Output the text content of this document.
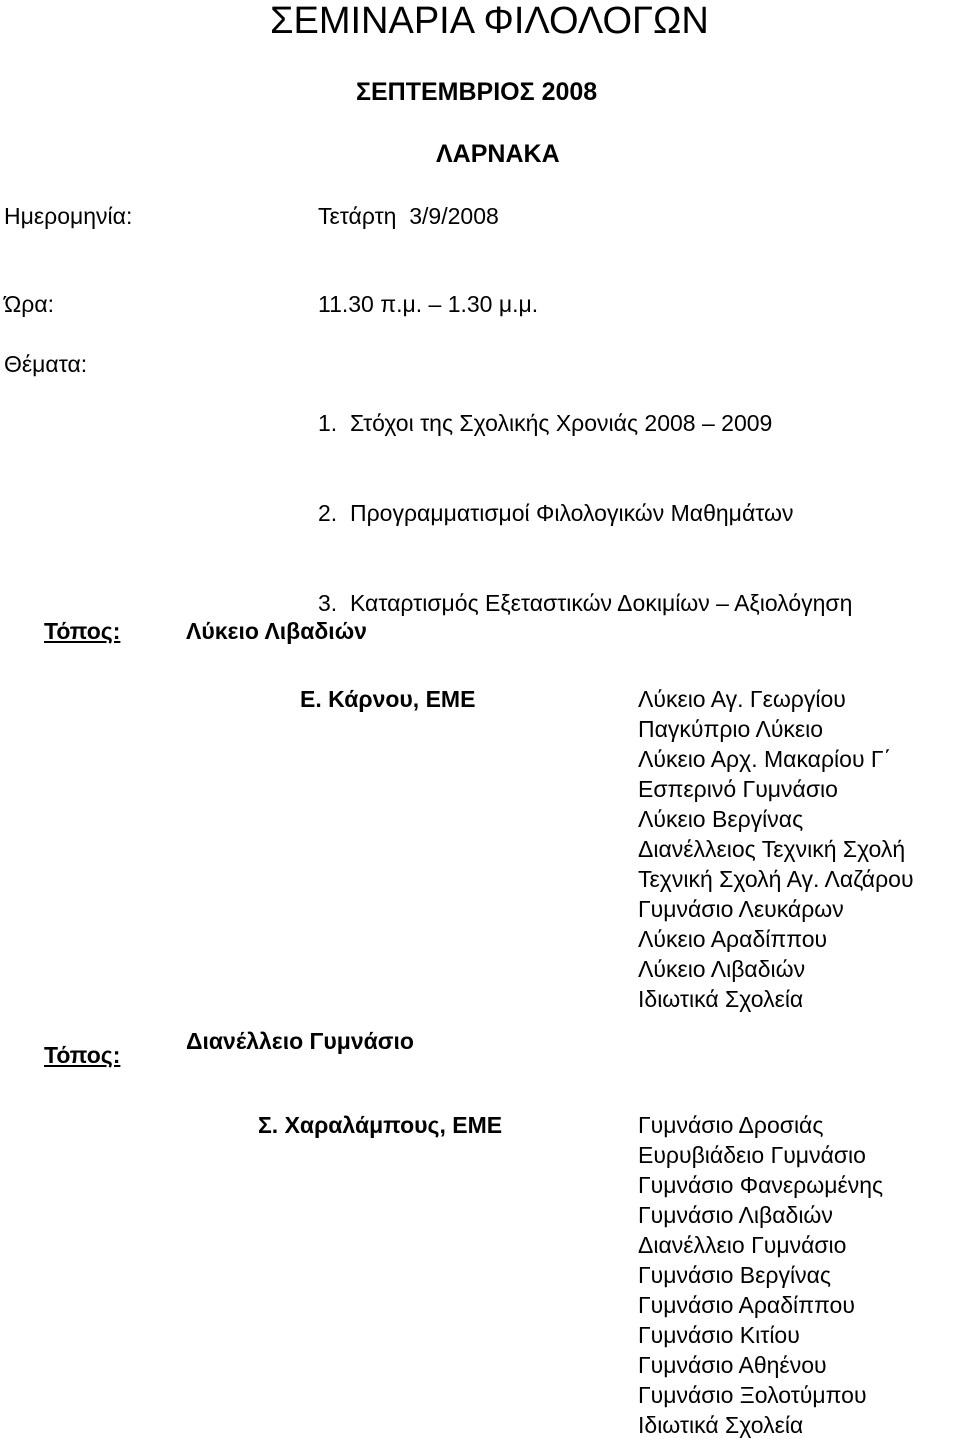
ΣΕΜΙΝΑΡΙΑ ΦΙΛΟΛΟΓΩΝ
ΣΕΠΤΕΜΒΡΙΟΣ 2008
ΛΑΡΝΑΚΑ
Ημερομηνία:	Τετάρτη  3/9/2008
Ώρα:	11.30 π.μ. – 1.30 μ.μ.
Θέματα:

1.  Στόχοι της Σχολικής Χρονιάς 2008 – 2009

2.  Προγραμματισμοί Φιλολογικών Μαθημάτων

3.  Καταρτισμός Εξεταστικών Δοκιμίων – Αξιολόγηση

Τόπος:	Λύκειο Λιβαδιών
Ε. Κάρνου, ΕΜΕ	Λύκειο Αγ. Γεωργίου
Παγκύπριο Λύκειο
Λύκειο Αρχ. Μακαρίου Γ΄
Εσπερινό Γυμνάσιο
Λύκειο Βεργίνας
Διανέλλειος Τεχνική Σχολή
Τεχνική Σχολή Αγ. Λαζάρου
Γυμνάσιο Λευκάρων
Λύκειο Αραδίππου
Λύκειο Λιβαδιών
Ιδιωτικά Σχολεία
Τόπος:
Διανέλλειο Γυμνάσιο
Σ. Χαραλάμπους, ΕΜΕ	Γυμνάσιο Δροσιάς
Ευρυβιάδειο Γυμνάσιο
Γυμνάσιο Φανερωμένης
Γυμνάσιο Λιβαδιών
Διανέλλειο Γυμνάσιο
Γυμνάσιο Βεργίνας
Γυμνάσιο Αραδίππου
Γυμνάσιο Κιτίου
Γυμνάσιο Αθηένου
Γυμνάσιο Ξολοτύμπου
Ιδιωτικά Σχολεία
